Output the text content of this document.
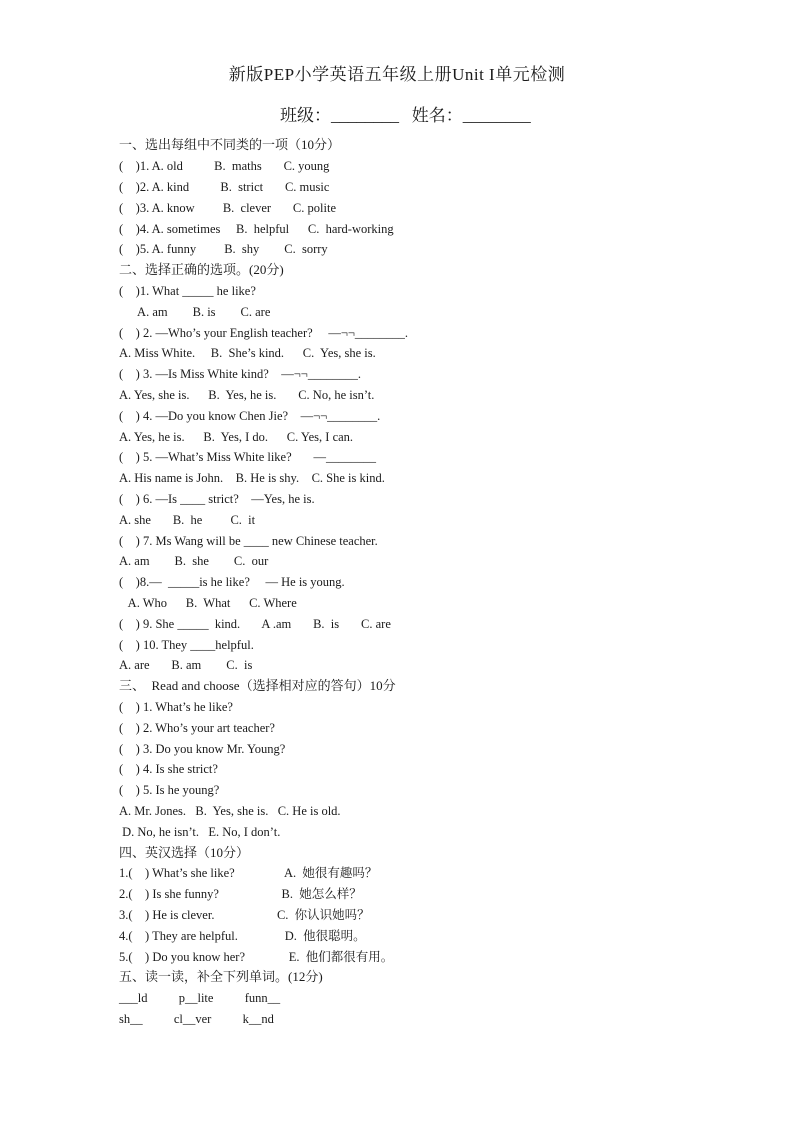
新版PEP小学英语五年级上册Unit I单元检测
班级：________   姓名：________
一、选出每组中不同类的一项（10分）
(    )1. A. old          B.  maths       C. young
(    )2. A. kind          B.  strict       C. music
(    )3. A. know         B.  clever       C. polite
(    )4. A. sometimes     B.  helpful      C.  hard-working
(    )5. A. funny         B.  shy        C.  sorry
二、选择正确的选项。(20分)
(    )1. What _____ he like?
A. am        B. is        C. are
(    ) 2. —Who’s your English teacher?     —¬¬________.
A. Miss White.     B.  She’s kind.      C.  Yes, she is.
(    ) 3. —Is Miss White kind?    —¬¬________.
A. Yes, she is.      B.  Yes, he is.       C. No, he isn’t.
(    ) 4. —Do you know Chen Jie?    —¬¬________.
A. Yes, he is.      B.  Yes, I do.      C. Yes, I can.
(    ) 5. —What’s Miss White like?       —________
A. His name is John.    B. He is shy.    C. She is kind.
(    ) 6. —Is ____ strict?    —Yes, he is.
A. she       B.  he         C.  it
(    ) 7. Ms Wang will be ____ new Chinese teacher.
A. am        B.  she        C.  our
(    )8.—  _____is he like?     — He is young.
A. Who      B.  What      C. Where
(    ) 9. She _____  kind.       A .am       B.  is       C. are
(    ) 10. They ____helpful.
A. are       B. am        C.  is
三、  Read and choose（选择相对应的答句）10分
(    ) 1. What’s he like?
(    ) 2. Who’s your art teacher?
(    ) 3. Do you know Mr. Young?
(    ) 4. Is she strict?
(    ) 5. Is he young?
A. Mr. Jones.   B.  Yes, she is.   C. He is old.
D. No, he isn’t.   E. No, I don’t.
四、英汉选择（10分）
1.(    ) What’s she like?                A.  她很有趣吗？
2.(    ) Is she funny?                    B.  她怎么样？
3.(    ) He is clever.                    C.  你认识她吗？
4.(    ) They are helpful.               D.  他很聪明。
5.(    ) Do you know her?              E.  他们都很有用。
五、读一读，补全下列单词。(12分)
___ld          p__lite          funn__
sh__          cl__ver          k__nd
